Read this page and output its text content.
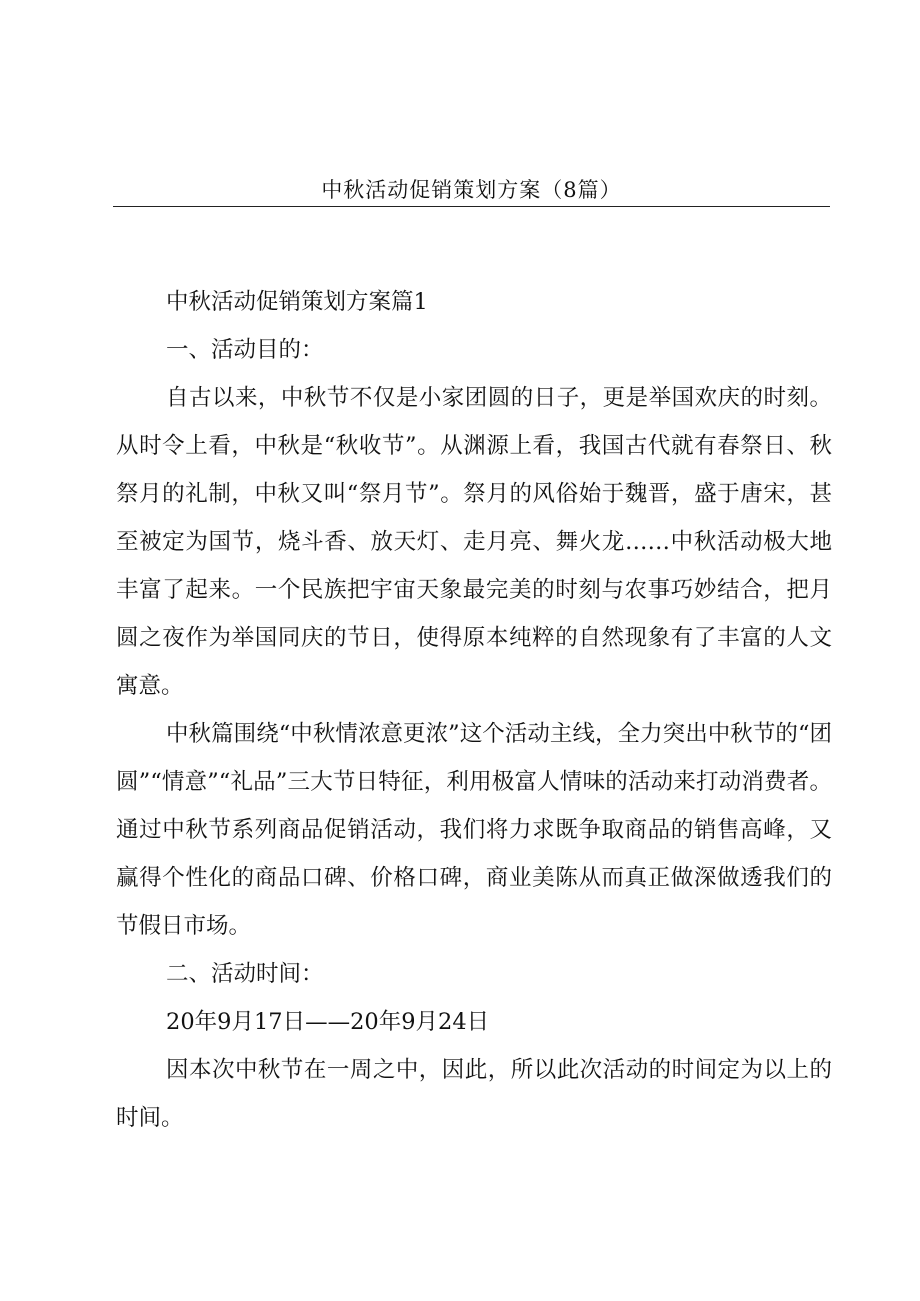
中秋活动促销策划方案（8篇）

中秋活动促销策划方案篇1

一、活动目的：

自古以来，中秋节不仅是小家团圆的日子，更是举国欢庆的时刻。从时令上看，中秋是“秋收节”。从渊源上看，我国古代就有春祭日、秋祭月的礼制，中秋又叫“祭月节”。祭月的风俗始于魏晋，盛于唐宋，甚至被定为国节，烧斗香、放天灯、走月亮、舞火龙……中秋活动极大地丰富了起来。一个民族把宇宙天象最完美的时刻与农事巧妙结合，把月圆之夜作为举国同庆的节日，使得原本纯粹的自然现象有了丰富的人文寓意。

中秋篇围绕“中秋情浓意更浓”这个活动主线，全力突出中秋节的“团圆”“情意”“礼品”三大节日特征，利用极富人情味的活动来打动消费者。通过中秋节系列商品促销活动，我们将力求既争取商品的销售高峰，又赢得个性化的商品口碑、价格口碑，商业美陈从而真正做深做透我们的节假日市场。

二、活动时间：

20年9月17日——20年9月24日

因本次中秋节在一周之中，因此，所以此次活动的时间定为以上的时间。
